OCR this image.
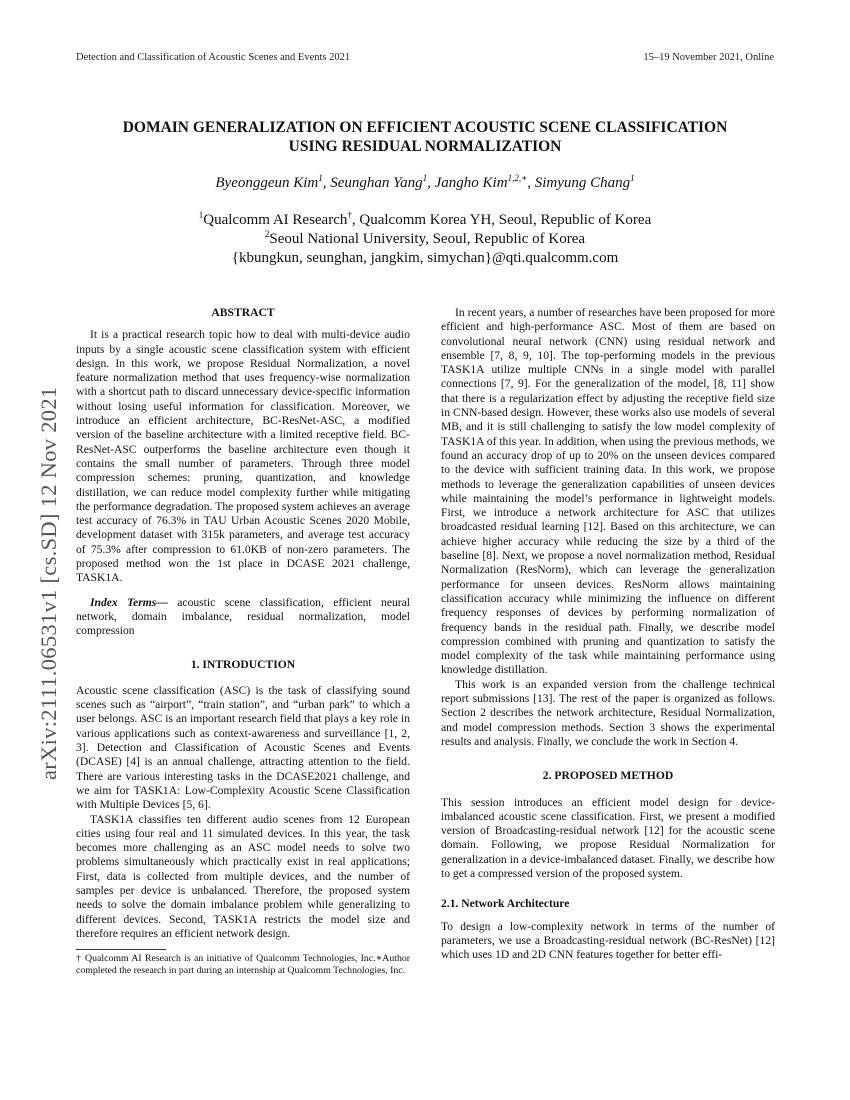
Detection and Classification of Acoustic Scenes and Events 2021	15–19 November 2021, Online
arXiv:2111.06531v1 [cs.SD] 12 Nov 2021
DOMAIN GENERALIZATION ON EFFICIENT ACOUSTIC SCENE CLASSIFICATION
USING RESIDUAL NORMALIZATION
Byeonggeun Kim$^1$, Seunghan Yang$^1$, Jangho Kim$^{1,2,∗}$, Simyung Chang$^1$
$^1$Qualcomm AI Research†, Qualcomm Korea YH, Seoul, Republic of Korea
$^2$Seoul National University, Seoul, Republic of Korea
{kbungkun, seunghan, jangkim, simychan}@qti.qualcomm.com

ABSTRACT

It is a practical research topic how to deal with multi-device audio inputs by a single acoustic scene classification system with efficient design. In this work, we propose Residual Normalization, a novel feature normalization method that uses frequency-wise normalization with a shortcut path to discard unnecessary device-specific information without losing useful information for classification. Moreover, we introduce an efficient architecture, BC-ResNet-ASC, a modified version of the baseline architecture with a limited receptive field. BC-ResNet-ASC outperforms the baseline architecture even though it contains the small number of parameters. Through three model compression schemes: pruning, quantization, and knowledge distillation, we can reduce model complexity further while mitigating the performance degradation. The proposed system achieves an average test accuracy of 76.3% in TAU Urban Acoustic Scenes 2020 Mobile, development dataset with 315k parameters, and average test accuracy of 75.3% after compression to 61.0KB of non-zero parameters. The proposed method won the 1st place in DCASE 2021 challenge, TASK1A.

Index Terms— acoustic scene classification, efficient neural network, domain imbalance, residual normalization, model compression

1. INTRODUCTION

Acoustic scene classification (ASC) is the task of classifying sound scenes such as “airport”, “train station”, and “urban park” to which a user belongs. ASC is an important research field that plays a key role in various applications such as context-awareness and surveillance [1, 2, 3]. Detection and Classification of Acoustic Scenes and Events (DCASE) [4] is an annual challenge, attracting attention to the field. There are various interesting tasks in the DCASE2021 challenge, and we aim for TASK1A: Low-Complexity Acoustic Scene Classification with Multiple Devices [5, 6].

TASK1A classifies ten different audio scenes from 12 European cities using four real and 11 simulated devices. In this year, the task becomes more challenging as an ASC model needs to solve two problems simultaneously which practically exist in real applications; First, data is collected from multiple devices, and the number of samples per device is unbalanced. Therefore, the proposed system needs to solve the domain imbalance problem while generalizing to different devices. Second, TASK1A restricts the model size and therefore requires an efficient network design.

† Qualcomm AI Research is an initiative of Qualcomm Technologies, Inc.∗Author completed the research in part during an internship at Qualcomm Technologies, Inc.

In recent years, a number of researches have been proposed for more efficient and high-performance ASC. Most of them are based on convolutional neural network (CNN) using residual network and ensemble [7, 8, 9, 10]. The top-performing models in the previous TASK1A utilize multiple CNNs in a single model with parallel connections [7, 9]. For the generalization of the model, [8, 11] show that there is a regularization effect by adjusting the receptive field size in CNN-based design. However, these works also use models of several MB, and it is still challenging to satisfy the low model complexity of TASK1A of this year. In addition, when using the previous methods, we found an accuracy drop of up to 20% on the unseen devices compared to the device with sufficient training data. In this work, we propose methods to leverage the generalization capabilities of unseen devices while maintaining the model’s performance in lightweight models. First, we introduce a network architecture for ASC that utilizes broadcasted residual learning [12]. Based on this architecture, we can achieve higher accuracy while reducing the size by a third of the baseline [8]. Next, we propose a novel normalization method, Residual Normalization (ResNorm), which can leverage the generalization performance for unseen devices. ResNorm allows maintaining classification accuracy while minimizing the influence on different frequency responses of devices by performing normalization of frequency bands in the residual path. Finally, we describe model compression combined with pruning and quantization to satisfy the model complexity of the task while maintaining performance using knowledge distillation.

This work is an expanded version from the challenge technical report submissions [13]. The rest of the paper is organized as follows. Section 2 describes the network architecture, Residual Normalization, and model compression methods. Section 3 shows the experimental results and analysis. Finally, we conclude the work in Section 4.

2. PROPOSED METHOD

This session introduces an efficient model design for device-imbalanced acoustic scene classification. First, we present a modified version of Broadcasting-residual network [12] for the acoustic scene domain. Following, we propose Residual Normalization for generalization in a device-imbalanced dataset. Finally, we describe how to get a compressed version of the proposed system.

2.1. Network Architecture

To design a low-complexity network in terms of the number of parameters, we use a Broadcasting-residual network (BC-ResNet) [12] which uses 1D and 2D CNN features together for better effi-
